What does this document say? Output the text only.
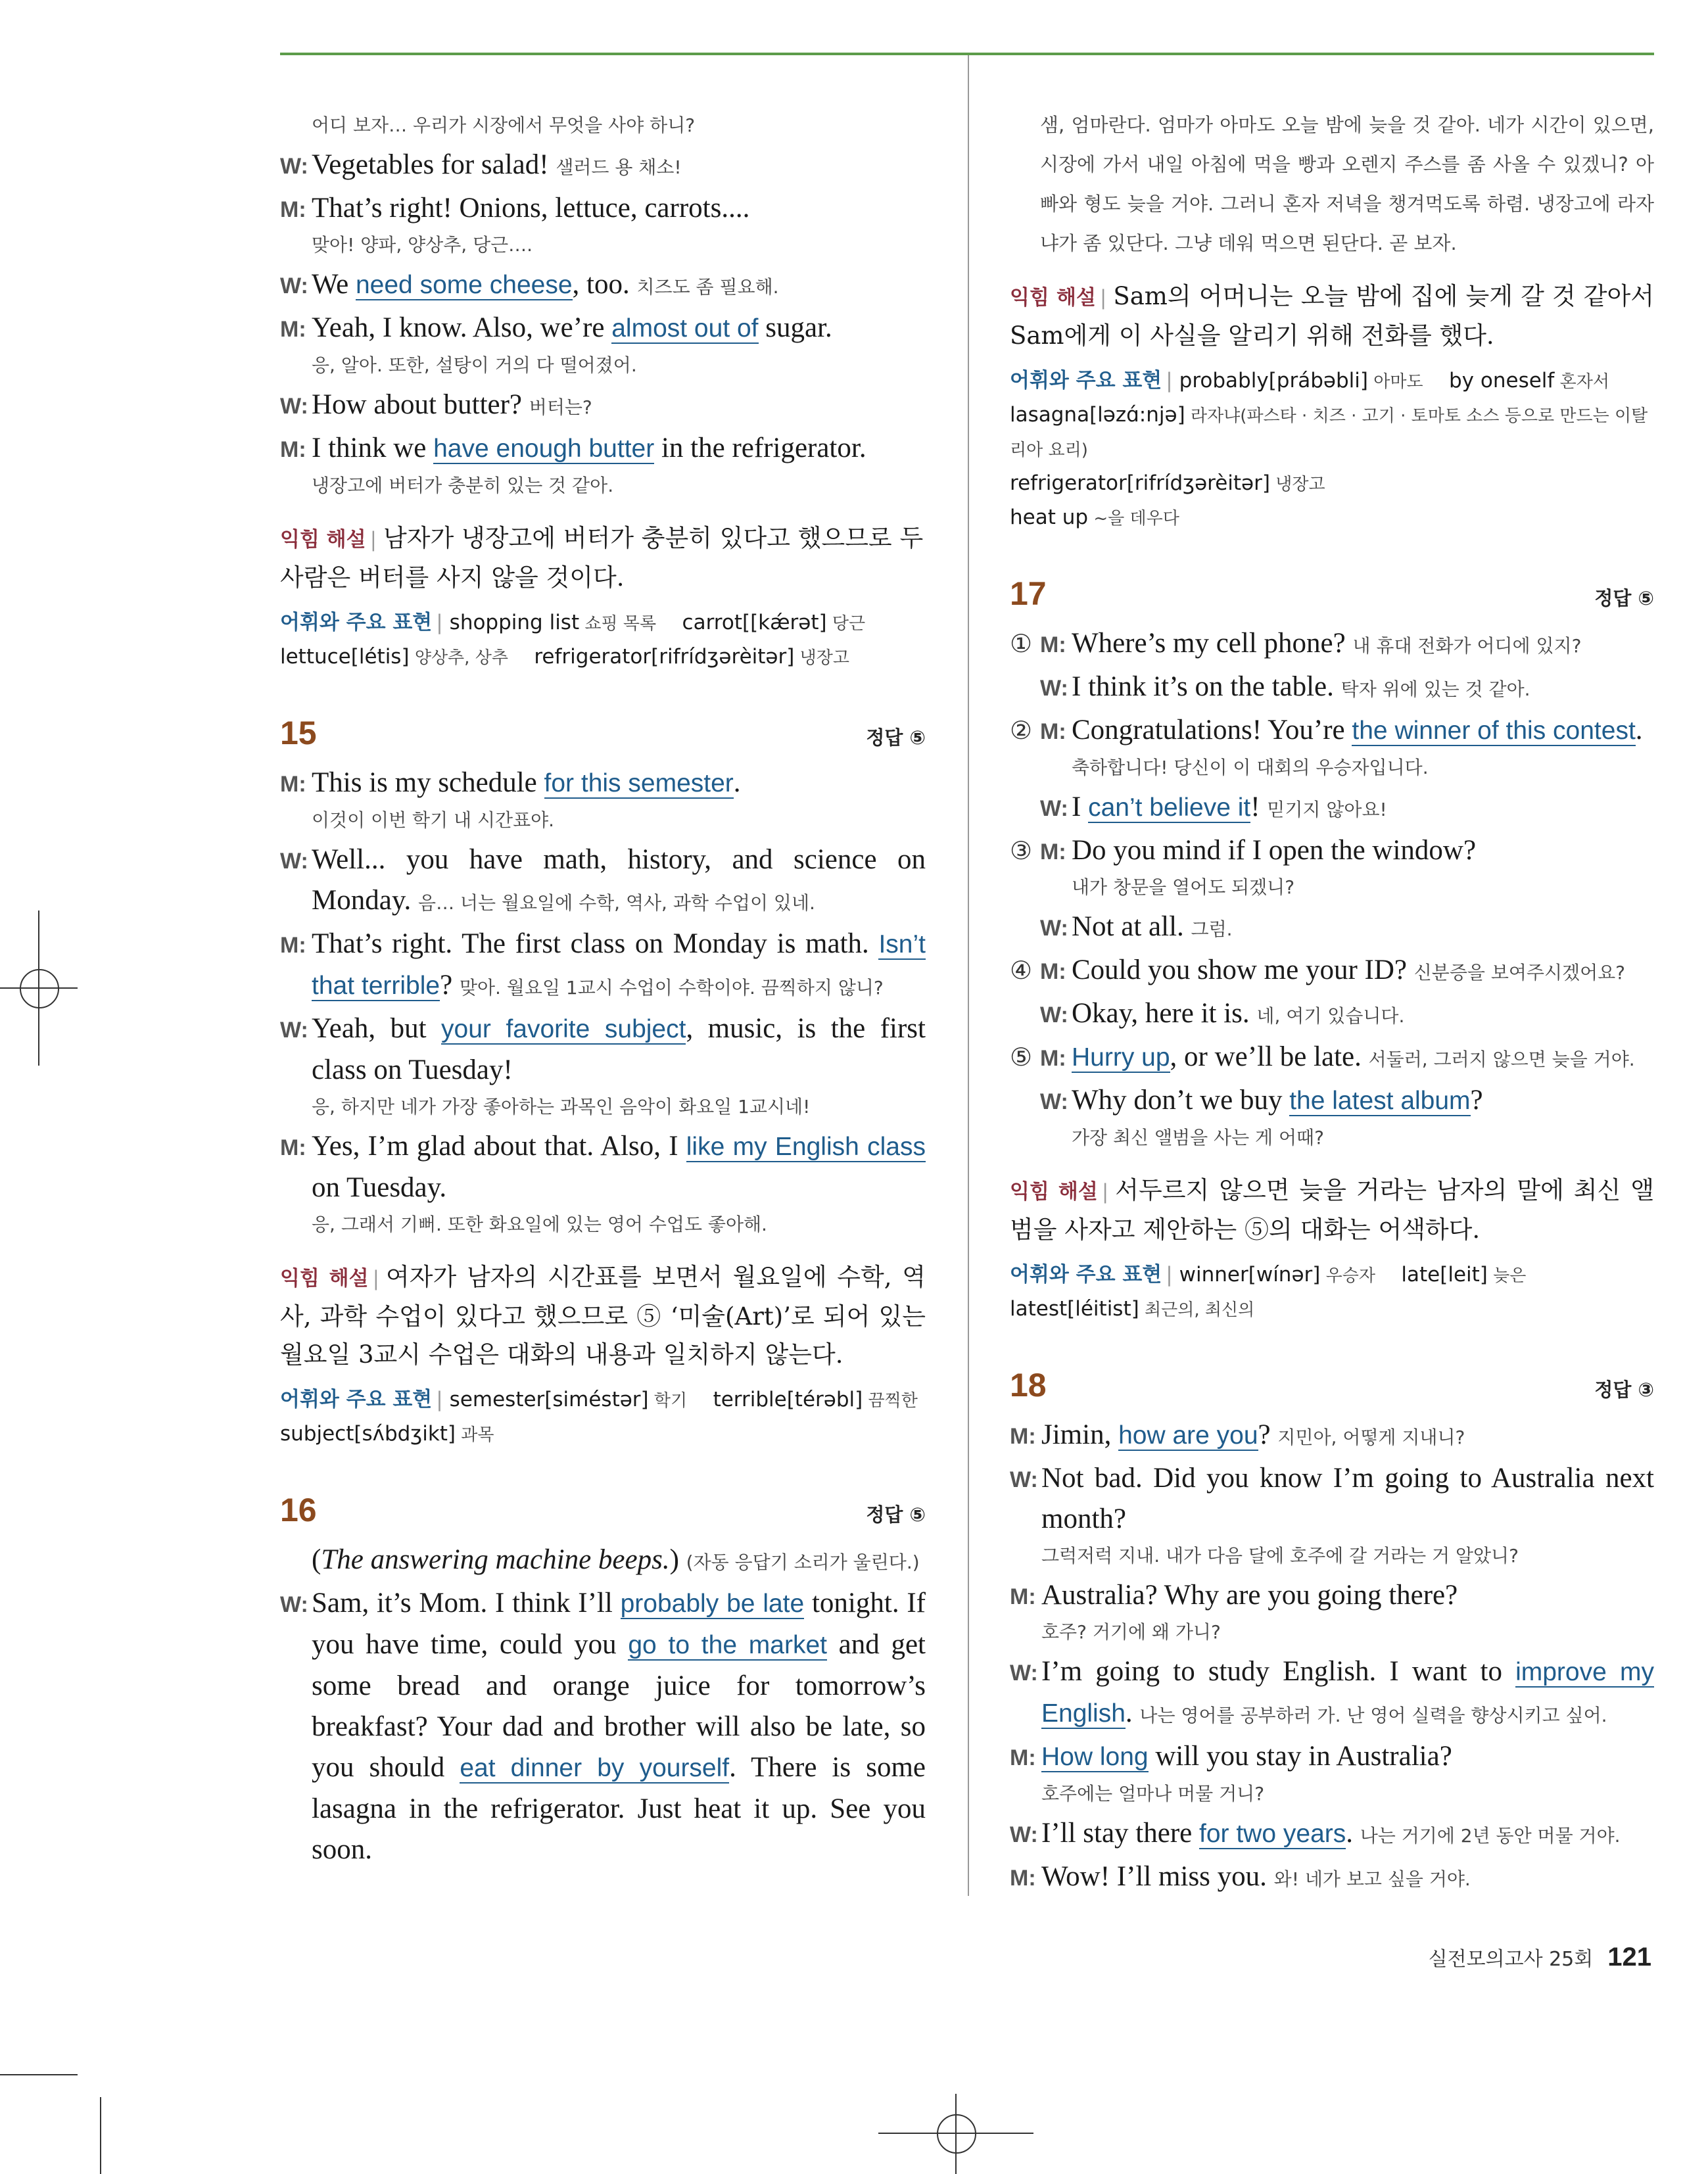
어디 보자… 우리가 시장에서 무엇을 사야 하니?
W: Vegetables for salad! 샐러드 용 채소!
M: That’s right! Onions, lettuce, carrots....
맞아! 양파, 양상추, 당근….
W: We need some cheese, too. 치즈도 좀 필요해.
M: Yeah, I know. Also, we’re almost out of sugar.
응, 알아. 또한, 설탕이 거의 다 떨어졌어.
W: How about butter? 버터는?
M: I think we have enough butter in the refrigerator.
냉장고에 버터가 충분히 있는 것 같아.
익힘 해설 | 남자가 냉장고에 버터가 충분히 있다고 했으므로 두 사람은 버터를 사지 않을 것이다.
어휘와 주요 표현 | shopping list 쇼핑 목록 carrot[[kǽrət] 당근
lettuce[létis] 양상추, 상추 refrigerator[rifrídʒərèitər] 냉장고
15	정답 ⑤
M: This is my schedule for this semester.
이것이 이번 학기 내 시간표야.
W: Well... you have math, history, and science on Monday. 음… 너는 월요일에 수학, 역사, 과학 수업이 있네.
M: That’s right. The first class on Monday is math. Isn’t that terrible? 맞아. 월요일 1교시 수업이 수학이야. 끔찍하지 않니?
W: Yeah, but your favorite subject, music, is the first class on Tuesday!
응, 하지만 네가 가장 좋아하는 과목인 음악이 화요일 1교시네!
M: Yes, I’m glad about that. Also, I like my English class on Tuesday.
응, 그래서 기뻐. 또한 화요일에 있는 영어 수업도 좋아해.
익힘 해설 | 여자가 남자의 시간표를 보면서 월요일에 수학, 역사, 과학 수업이 있다고 했으므로 ⑤ ‘미술(Art)’로 되어 있는 월요일 3교시 수업은 대화의 내용과 일치하지 않는다.
어휘와 주요 표현 | semester[siméstər] 학기 terrible[térəbl] 끔찍한
subject[sʌ́bdʒikt] 과목
16	정답 ⑤
(The answering machine beeps.) (자동 응답기 소리가 울린다.)
W: Sam, it’s Mom. I think I’ll probably be late tonight. If you have time, could you go to the market and get some bread and orange juice for tomorrow’s breakfast? Your dad and brother will also be late, so you should eat dinner by yourself. There is some lasagna in the refrigerator. Just heat it up. See you soon.
샘, 엄마란다. 엄마가 아마도 오늘 밤에 늦을 것 같아. 네가 시간이 있으면, 시장에 가서 내일 아침에 먹을 빵과 오렌지 주스를 좀 사올 수 있겠니? 아빠와 형도 늦을 거야. 그러니 혼자 저녁을 챙겨먹도록 하렴. 냉장고에 라자냐가 좀 있단다. 그냥 데워 먹으면 된단다. 곧 보자.
익힘 해설 | Sam의 어머니는 오늘 밤에 집에 늦게 갈 것 같아서 Sam에게 이 사실을 알리기 위해 전화를 했다.
어휘와 주요 표현 | probably[prábəbli] 아마도 by oneself 혼자서
lasagna[ləzɑ́:njə] 라자냐(파스타 · 치즈 · 고기 · 토마토 소스 등으로 만드는 이탈리아 요리)
refrigerator[rifrídʒərèitər] 냉장고
heat up ~을 데우다
17	정답 ⑤
① M: Where’s my cell phone? 내 휴대 전화가 어디에 있지?
W: I think it’s on the table. 탁자 위에 있는 것 같아.
② M: Congratulations! You’re the winner of this contest.
축하합니다! 당신이 이 대회의 우승자입니다.
W: I can’t believe it! 믿기지 않아요!
③ M: Do you mind if I open the window?
내가 창문을 열어도 되겠니?
W: Not at all. 그럼.
④ M: Could you show me your ID? 신분증을 보여주시겠어요?
W: Okay, here it is. 네, 여기 있습니다.
⑤ M: Hurry up, or we’ll be late. 서둘러, 그러지 않으면 늦을 거야.
W: Why don’t we buy the latest album?
가장 최신 앨범을 사는 게 어때?
익힘 해설 | 서두르지 않으면 늦을 거라는 남자의 말에 최신 앨범을 사자고 제안하는 ⑤의 대화는 어색하다.
어휘와 주요 표현 | winner[wínər] 우승자 late[leit] 늦은
latest[léitist] 최근의, 최신의
18	정답 ③
M: Jimin, how are you? 지민아, 어떻게 지내니?
W: Not bad. Did you know I’m going to Australia next month?
그럭저럭 지내. 내가 다음 달에 호주에 갈 거라는 거 알았니?
M: Australia? Why are you going there?
호주? 거기에 왜 가니?
W: I’m going to study English. I want to improve my English. 나는 영어를 공부하러 가. 난 영어 실력을 향상시키고 싶어.
M: How long will you stay in Australia?
호주에는 얼마나 머물 거니?
W: I’ll stay there for two years. 나는 거기에 2년 동안 머물 거야.
M: Wow! I’ll miss you. 와! 네가 보고 싶을 거야.
실전모의고사 25회 121
